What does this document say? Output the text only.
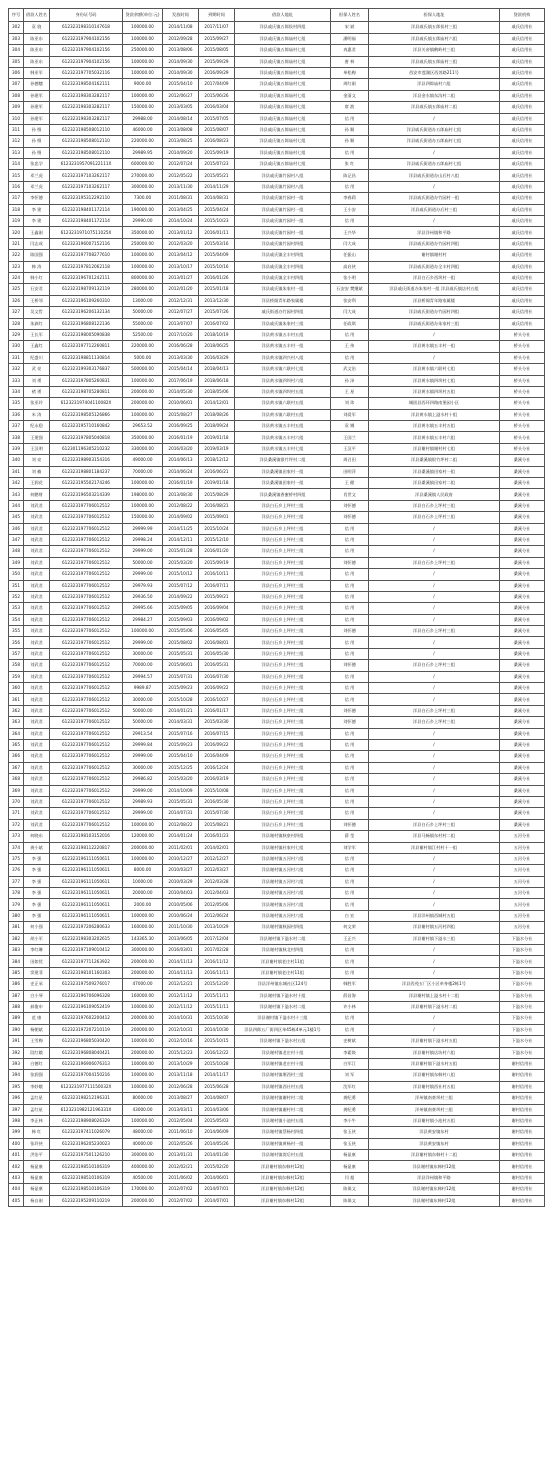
序号	借款人姓名	身份证号码	贷款余额(单位:元)	发放时间	到期时间	借款人地址	担保人姓名	担保人地址	贷款机构
302	袁 骁	612323198310147618	100000.00	2014/11/08	2017/11/07	洋县戚氏镇五郎侯村四组	宋 斌	洋县戚氏镇五郎侯村三组	戚氏信用社
303	陈亚东	612323197904102156	100000.00	2012/09/28	2015/09/27	洋县戚氏镇五郎庙村七组	潘明福	洋县戚氏镇五郎庙村六组	戚氏信用社
304	陈亚东	612323197904102156	250000.00	2013/08/06	2015/08/05	洋县戚氏镇五郎庙村七组	冉惠君	洋县关帝镇鹤岭村三组	戚氏信用社
305	陈亚东	612323197904102156	100000.00	2014/09/30	2015/09/29	洋县戚氏镇五郎庙村七组	唐 林	洋县戚氏镇五郎庙村三组	戚氏信用社
306	韩亚军	612323197705032116	100000.00	2014/09/30	2016/09/29	洋县戚氏镇五郎庙村七组	单松梅	西安市莲湖区西郊路211号	戚氏信用社
307	孙德穗	612323198504162111	9000.00	2015/04/10	2017/04/09	洋县戚氏镇五郎庙村七组	周红刚	洋县四郎庙村六组	戚氏信用社
308	孙建军	612323198303282117	100000.00	2012/06/27	2015/06/26	洋县戚氏镇五郎庙村七组	金清文	洋县金水镇东沟村二组	戚氏信用社
309	孙建军	612323198303282117	150000.00	2013/03/05	2016/03/04	洋县戚氏镇五郎庙村七组	席 波	洋县戚氏镇五郎庙村二组	戚氏信用社
310	孙建军	612323198303282117	29988.00	2014/08/14	2015/07/05	洋县戚氏镇五郎庙村七组	信 用	/	戚氏信用社
311	孙 慢	612323198508012110	46000.00	2013/08/08	2015/08/07	洋县戚氏镇五郎庙村七组	孙 顺	洋县戚氏街道办五郎庙村七组	戚氏信用社
312	孙 慢	612323198508012110	220000.00	2013/08/25	2016/08/23	洋县戚氏镇五郎庙村七组	孙 顺	洋县戚氏街道办五郎庙村七组	戚氏信用社
313	孙 慢	612323198508012110	29989.95	2014/09/20	2015/09/19	洋县戚氏镇五郎庙村七组	信 用	/	戚氏信用社
314	张忠学	612323195709122111X	600000.00	2012/07/24	2015/07/23	洋县戚氏镇五郎庙村七组	张 红	洋县戚氏街道办五郎庙村七组	戚氏信用社
315	邓兰虎	612323197103262117	270000.00	2012/05/22	2015/05/21	洋县戚氏镇竹园村八组	陈记昌	洋县戚氏街道办山后村八组	戚氏信用社
316	邓兰虎	612323197103262117	300000.00	2013/11/30	2014/11/29	洋县戚氏镇竹园村八组	信 用	/	戚氏信用社
317	李怀德	612323195312292110	7300.00	2011/08/31	2014/08/31	洋县戚氏镇竹园村一组	李春莉	洋县戚氏街道办竹园村一组	戚氏信用社
318	李 建	612323198401172114	190000.00	2013/04/25	2015/04/24	洋县戚氏镇竹园村一组	王小安	洋县戚氏街道办后村三组	戚氏信用社
319	李 建	612323198401172114	29990.00	2014/10/24	2015/10/23	洋县戚氏镇竹园村一组	信 用	/	戚氏信用社
320	王鑫刚	612323197107511025X	350000.00	2013/01/12	2016/01/11	洋县戚氏镇竹园村一组	王兴华	洋县洋州镇和平路	戚氏信用社
321	闫志成	612323196007152116	250000.00	2012/03/20	2015/03/16	洋县戚氏镇竹园村四组	闫大成	洋县戚氏街道办竹园村四组	戚氏信用社
322	陈国强	612323197708277610	100000.00	2013/04/12	2015/04/09	洋县戚氏镇全丰村四组	任振山	谢村镇谢村村	戚氏信用社
323	韩 涛	612323197812062118	100000.00	2013/10/17	2015/10/16	洋县戚氏镇全丰村四组	高启侠	洋县戚氏街道办全丰村四组	戚氏信用社
324	韩小红	612323196701242111	800000.00	2013/01/27	2016/01/26	洋县戚氏镇全丰村四组	张小明	洋县白石乡西坝村一组	戚氏信用社
325	石安君	612323198709132119	280000.00	2012/01/20	2015/01/18	洋县戚氏镇朱家村一组	石安安 樊继斌	洋县戚氏街道办朱家村一组 洋县戚氏镇店村五组	戚氏信用社
326	王桥邻	612323196109260310	13000.00	2012/12/31	2013/12/30	洋县桥阁青年路家属楼	张安利	洋县桥阁青年路家属楼	戚氏信用社
327	吴文哲	612323196206132134	50000.00	2012/07/27	2015/07/26	戚氏街道办竹园村四组	闫大成	洋县戚氏街道办竹园村四组	戚氏信用社
328	朱滴红	612323196808122136	55000.00	2013/07/07	2016/07/02	洋县戚氏镇朱家村三组	任政琪	洋县戚氏街道办朱家村三组	戚氏信用社
329	王长军	612323198005090838	52500.00	2017/10/20	2018/10/19	洋县黄水镇五丰村五组	信 用	/	桥头分社
330	王鑫红	612323197712260811	220000.00	2016/06/28	2018/06/25	洋县黄水镇五丰村一组	王 伟	洋县黄水镇五丰村一组	桥头分社
331	纪盛川	612323198811130814	5000.00	2013/03/30	2016/03/29	洋县黄水镇四兴村八组	信 用	/	桥头分社
332	武 亮	612323199303176837	500000.00	2015/04/14	2018/04/13	洋县黄水镇六联村七组	武文治	洋县黄水镇六联村七组	桥头分社
333	刘 勇	612323197805260831	100000.00	2017/06/19	2018/06/18	洋县黄水镇四坝村六组	孙 泽	洋县黄水镇四坝村七组	桥头分社
334	褚 勇	612323198705280811	200000.00	2014/05/30	2018/05/06	洋县黄水镇四坝村五组	王 星	洋县黄水镇四坝村五组	桥头分社
335	张亚玲	612323197404110082X	200000.00	2010/06/01	2014/12/01	洋县黄水镇六联村五组	刘 玮	城固县西环四路南堡园小区	桥头分社
336	米 涛	612323198505126866	100000.00	2015/08/27	2018/08/26	洋县黄水镇六联村五组	刘爱军	洋县黄水镇上溢水村十组	桥头分社
337	纪永稳	612323195710160842	29653.52	2016/09/25	2018/09/24	洋县黄水镇五丰村五组	袁 娜	洋县黄水镇五丰村五组	桥头分社
338	王建强	612323197805040818	350000.00	2016/01/19	2019/01/18	洋县黄水镇五丰村六组	王国兰	洋县黄水镇五丰村六组	桥头分社
339	王汉明	612301196305210232	330000.00	2016/03/20	2019/03/19	洋县黄水镇五丰村七组	王汉平	洋县谢村镇谢村村七组	桥头分社
340	刘 亮	612323198903154316	49000.00	2014/06/13	2018/12/12	洋县桑溪镇银竹坪村二组	周召田	洋县桑溪镇银竹坪村二组	桑溪分社
341	刘 楠	612323198801184237	70000.00	2014/06/24	2016/06/21	洋县桑溪镇田家村一组	田明萍	洋县桑溪镇田家村一组	桑溪分社
342	王润花	612323195502174246	100000.00	2016/01/19	2019/01/18	洋县桑溪镇田家村一组	王 健	洋县桑溪镇田家村二组	桑溪分社
343	何鹏财	612323196503214339	198000.00	2013/08/30	2015/08/29	洋县桑溪镇香蜜桥村四组	肖世文	洋县桑溪镇人民政府	桑溪分社
344	刘武君	612323197706012512	100000.00	2012/08/22	2016/08/21	洋县白石乡上坪村三组	刘怀德	洋县白石乡上坪村三组	桑溪分社
345	刘武君	612323197706012512	150000.00	2014/09/02	2015/09/01	洋县白石乡上坪村三组	刘怀德	洋县白石乡上坪村三组	桑溪分社
346	刘武君	612323197706012512	29999.99	2014/11/25	2015/10/24	洋县白石乡上坪村三组	信 用	/	桑溪分社
347	刘武君	612323197706012512	29998.24	2014/12/11	2015/12/10	洋县白石乡上坪村三组	信 用	/	桑溪分社
348	刘武君	612323197706012512	29999.00	2015/01/28	2016/01/20	洋县白石乡上坪村三组	信 用	/	桑溪分社
349	刘武君	612323197706012512	50000.00	2015/03/20	2015/09/19	洋县白石乡上坪村三组	刘怀德	洋县白石乡上坪村三组	桑溪分社
350	刘武君	612323197706012512	29999.00	2015/10/12	2016/10/11	洋县白石乡上坪村三组	信 用	/	桑溪分社
351	刘武君	612323197706012512	29979.93	2015/07/12	2016/07/11	洋县白石乡上坪村三组	信 用	/	桑溪分社
352	刘武君	612323197706012512	29936.50	2014/09/22	2015/09/21	洋县白石乡上坪村三组	信 用	/	桑溪分社
353	刘武君	612323197706012512	29995.66	2015/09/05	2016/09/04	洋县白石乡上坪村三组	信 用	/	桑溪分社
354	刘武君	612323197706012512	29984.27	2015/09/03	2016/09/02	洋县白石乡上坪村三组	信 用	/	桑溪分社
355	刘武君	612323197706012512	100000.00	2015/05/06	2016/05/05	洋县白石乡上坪村三组	刘怀德	洋县白石乡上坪村三组	桑溪分社
356	刘武君	612323197706012512	29999.00	2015/08/02	2016/08/01	洋县白石乡上坪村三组	信 用	/	桑溪分社
357	刘武君	612323197706012512	30000.00	2015/05/31	2016/05/30	洋县白石乡上坪村三组	信 用	/	桑溪分社
358	刘武君	612323197706012512	70000.00	2015/06/01	2016/05/31	洋县白石乡上坪村三组	刘怀德	洋县白石乡上坪村三组	桑溪分社
359	刘武君	612323197706012512	29994.57	2015/07/31	2016/07/30	洋县白石乡上坪村三组	信 用	/	桑溪分社
360	刘武君	612323197706012512	9989.87	2015/09/23	2016/09/22	洋县白石乡上坪村三组	信 用	/	桑溪分社
361	刘武君	612323197706012512	30000.00	2015/10/28	2016/10/27	洋县白石乡上坪村三组	信 用	/	桑溪分社
362	刘武君	612323197706012512	50000.00	2014/01/21	2016/01/17	洋县白石乡上坪村三组	刘怀德	洋县白石乡上坪村三组	桑溪分社
363	刘武君	612323197706012512	50000.00	2014/03/31	2015/03/30	洋县白石乡上坪村三组	刘怀德	洋县白石乡上坪村三组	桑溪分社
364	刘武君	612323197706012512	29913.54	2015/07/16	2016/07/15	洋县白石乡上坪村三组	信 用	/	桑溪分社
365	刘武君	612323197706012512	29999.84	2015/09/23	2016/09/22	洋县白石乡上坪村三组	信 用	/	桑溪分社
366	刘武君	612323197706012512	29999.00	2015/04/10	2016/04/09	洋县白石乡上坪村三组	信 用	/	桑溪分社
367	刘武君	612323197706012512	30000.00	2015/12/25	2016/12/24	洋县白石乡上坪村三组	信 用	/	桑溪分社
368	刘武君	612323197706012512	29986.82	2015/03/20	2016/03/19	洋县白石乡上坪村三组	信 用	/	桑溪分社
369	刘武君	612323197706012512	29999.00	2014/10/09	2015/10/08	洋县白石乡上坪村三组	信 用	/	桑溪分社
370	刘武君	612323197706012512	29989.93	2015/05/31	2016/05/30	洋县白石乡上坪村三组	信 用	/	桑溪分社
371	刘武君	612323197706012512	29999.00	2014/07/31	2015/07/30	洋县白石乡上坪村三组	信 用	/	桑溪分社
372	刘武君	612323197706012512	100000.00	2012/08/22	2015/08/21	洋县白石乡上坪村三组	刘怀德	洋县白石乡上坪村三组	桑溪分社
373	何晓东	612323198103152016	120000.00	2014/01/24	2016/01/23	洋县谢村镇秋豪村四组	薛 莹	洋县马畅镇东村村二组	五河分社
374	龚小斌	612323198112220817	200000.00	2011/02/01	2014/02/01	洋县谢村镇杜家村七组	刘学军	洋县谢村镇江村村十一组	五河分社
375	李 强	612323196111050611	100000.00	2010/12/27	2012/12/27	洋县谢村镇五河村六组	信 用	/	五河分社
376	李 强	612323196111050611	8000.00	2010/03/27	2012/03/27	洋县谢村镇五河村六组	信 用	/	五河分社
377	李 强	612323196111050611	10000.00	2010/03/29	2012/03/28	洋县谢村镇五河村六组	信 用	/	五河分社
378	李 强	612323196111050611	20000.00	2010/04/03	2012/04/03	洋县谢村镇五河村六组	信 用	/	五河分社
379	李 强	612323196111050611	2000.00	2010/05/06	2012/05/06	洋县谢村镇五河村六组	信 用	/	五河分社
380	李 强	612323196111050611	100000.00	2010/06/24	2012/06/24	洋县谢村镇五河村六组	白 宏	洋县洋州镇西城村五组	五河分社
381	何小强	612323197206280633	160000.00	2011/10/30	2013/10/29	洋县谢村镇秋园村四组	何文荣	洋县谢村镇五河村四组	五河分社
382	胡小军	612323198303202615	143365.30	2013/06/05	2017/12/04	洋县谢村镇下溢水村二组	王正兴	洋县谢村镇下溢水三组	下溢水分社
383	李红琳	612323197109010412	300000.00	2016/03/01	2017/02/28	洋县谢村镇秋北村四组	信 用	/	下溢水分社
384	田如忧	612323197711263922	200000.00	2014/11/13	2016/11/12	洋县谢村镇老庄村11组	信 用	/	下溢水分社
385	窦建菲	612323198101160303	200000.00	2014/11/13	2016/11/11	洋县谢村镇老庄村11组	信 用	/	下溢水分社
386	史正承	612323197509276017	47000.00	2012/12/21	2015/12/20	洋县洋州镇东城社区124号	韩胜军	洋县西苑五厂区小区单身楼2栋1号	下溢水分社
387	白小琴	612323196706096328	160000.00	2012/11/12	2015/11/11	洋县谢村镇下溢水村十组	薛昌海	洋县谢村镇上溢水村十二组	下溢水分社
388	郝俊申	612323196109052419	100000.00	2012/11/12	2015/11/11	洋县谢村镇下溢水村二组	许小林	洋县谢村镇下溢水村二组	下溢水分社
389	范 康	612323197602200412	200000.00	2014/10/31	2015/10/30	洋县谢村镇下溢水村十三组	信 用	/	下溢水分社
390	杨朝斌	612323197207210119	200000.00	2012/10/31	2014/10/30	洋县四郎五厂街四区单45栋4单元1楼1号	信 用	/	下溢水分社
391	王雪梅	612323196805030420	100000.00	2012/10/16	2015/10/15	洋县谢村镇下溢水村五组	史树斌	洋县谢村镇下溢水村五组	下溢水分社
392	段红娥	612323196808040421	200000.00	2015/12/23	2016/12/22	洋县谢村镇老庄村十组	李素焕	洋县谢村镇店坊村六组	下溢水分社
393	白德红	612323196906076313	100000.00	2013/10/29	2015/10/28	洋县谢村镇老庄村十组	白军江	洋县谢村镇下溢水村五组	谢村信用社
394	张润强	612323197004150216	100000.00	2013/11/18	2014/11/17	洋县谢村镇堰西村三组	刘 军	洋县谢村镇东韩村八组	谢村信用社
395	李妙娥	612323197711150032X	100000.00	2012/06/28	2015/06/28	洋县谢村镇西社村五组	沈军红	洋县谢村镇西社村五组	谢村信用社
396	孟红星	612323198212196331	80000.00	2013/08/27	2014/08/07	洋县谢村镇谢村村二组	龚纪勇	洋州镇南豪坝村三组	谢村信用社
397	孟红星	612323198212196331X	43000.00	2013/03/11	2014/03/06	洋县谢村镇谢村村二组	龚纪勇	洋州镇南豪坝村三组	谢村信用社
398	李正林	612323198908026329	100000.00	2012/05/04	2015/05/03	洋县谢村镇小池村五组	李小牛	洋县谢村镇小池村五组	谢村信用社
399	韩 红	612323197411026079	48000.00	2011/06/10	2014/06/09	洋县谢村镇蔡杨村四组	张玉侠	洋县黄安镇东村	谢村信用社
400	张玲侠	612323196205230023	40000.00	2012/05/26	2014/05/26	洋县谢村镇黄杨村一组	张玉侠	洋县黄安镇东村	谢村信用社
401	洪治平	612323197501126210	300000.00	2013/01/31	2014/01/30	洋县谢村镇湾后村五组	杨显康	洋县谢村镇东韩村十二组	谢村信用社
402	杨显康	612323198510106319	400000.00	2012/02/21	2015/02/20	洋县谢村镇东韩村12组	杨显康	洋县谢村镇东韩村12组	谢村信用社
403	杨显康	612323198510106319	40500.00	2011/06/02	2014/06/01	洋县谢村镇东韩村12组	闫 超	洋县洋州镇和平路	谢村信用社
404	杨显康	612323198510106319	170000.00	2012/07/02	2014/07/01	洋县谢村镇东韩村12组	陈保文	洋县谢村镇东韩村12组	谢村信用社
405	杨自刚	612323195209110219	200000.00	2012/07/02	2014/07/01	洋县谢村镇东韩村12组	陈保文	洋县谢村镇东韩村12组	谢村信用社
